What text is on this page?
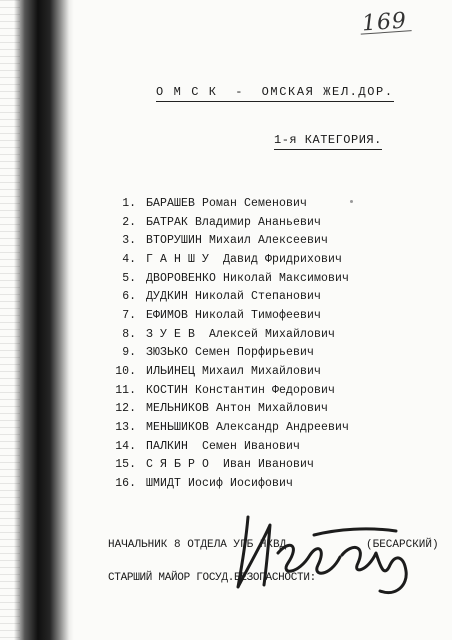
169
О М С К  -  ОМСКАЯ ЖЕЛ.ДОР.
1-я КАТЕГОРИЯ.
1. БАРАШЕВ Роман Семенович
2. БАТРАК Владимир Ананьевич
3. ВТОРУШИН Михаил Алексеевич
4. Г А Н Ш У  Давид Фридрихович
5. ДВОРОВЕНКО Николай Максимович
6. ДУДКИН Николай Степанович
7. ЕФИМОВ Николай Тимофеевич
8. З У Е В  Алексей Михайлович
9. ЗЮЗЬКО Семен Порфирьевич
10. ИЛЬИНЕЦ Михаил Михайлович
11. КОСТИН Константин Федорович
12. МЕЛЬНИКОВ Антон Михайлович
13. МЕНЬШИКОВ Александр Андреевич
14. ПАЛКИН  Семен Иванович
15. С Я Б Р О  Иван Иванович
16. ШМИДТ Иосиф Иосифович

НАЧАЛЬНИК 8 ОТДЕЛА УГБ НКВД

СТАРШИЙ МАЙОР ГОСУД.БЕЗОПАСНОСТИ:

(БЕСАРСКИЙ)
